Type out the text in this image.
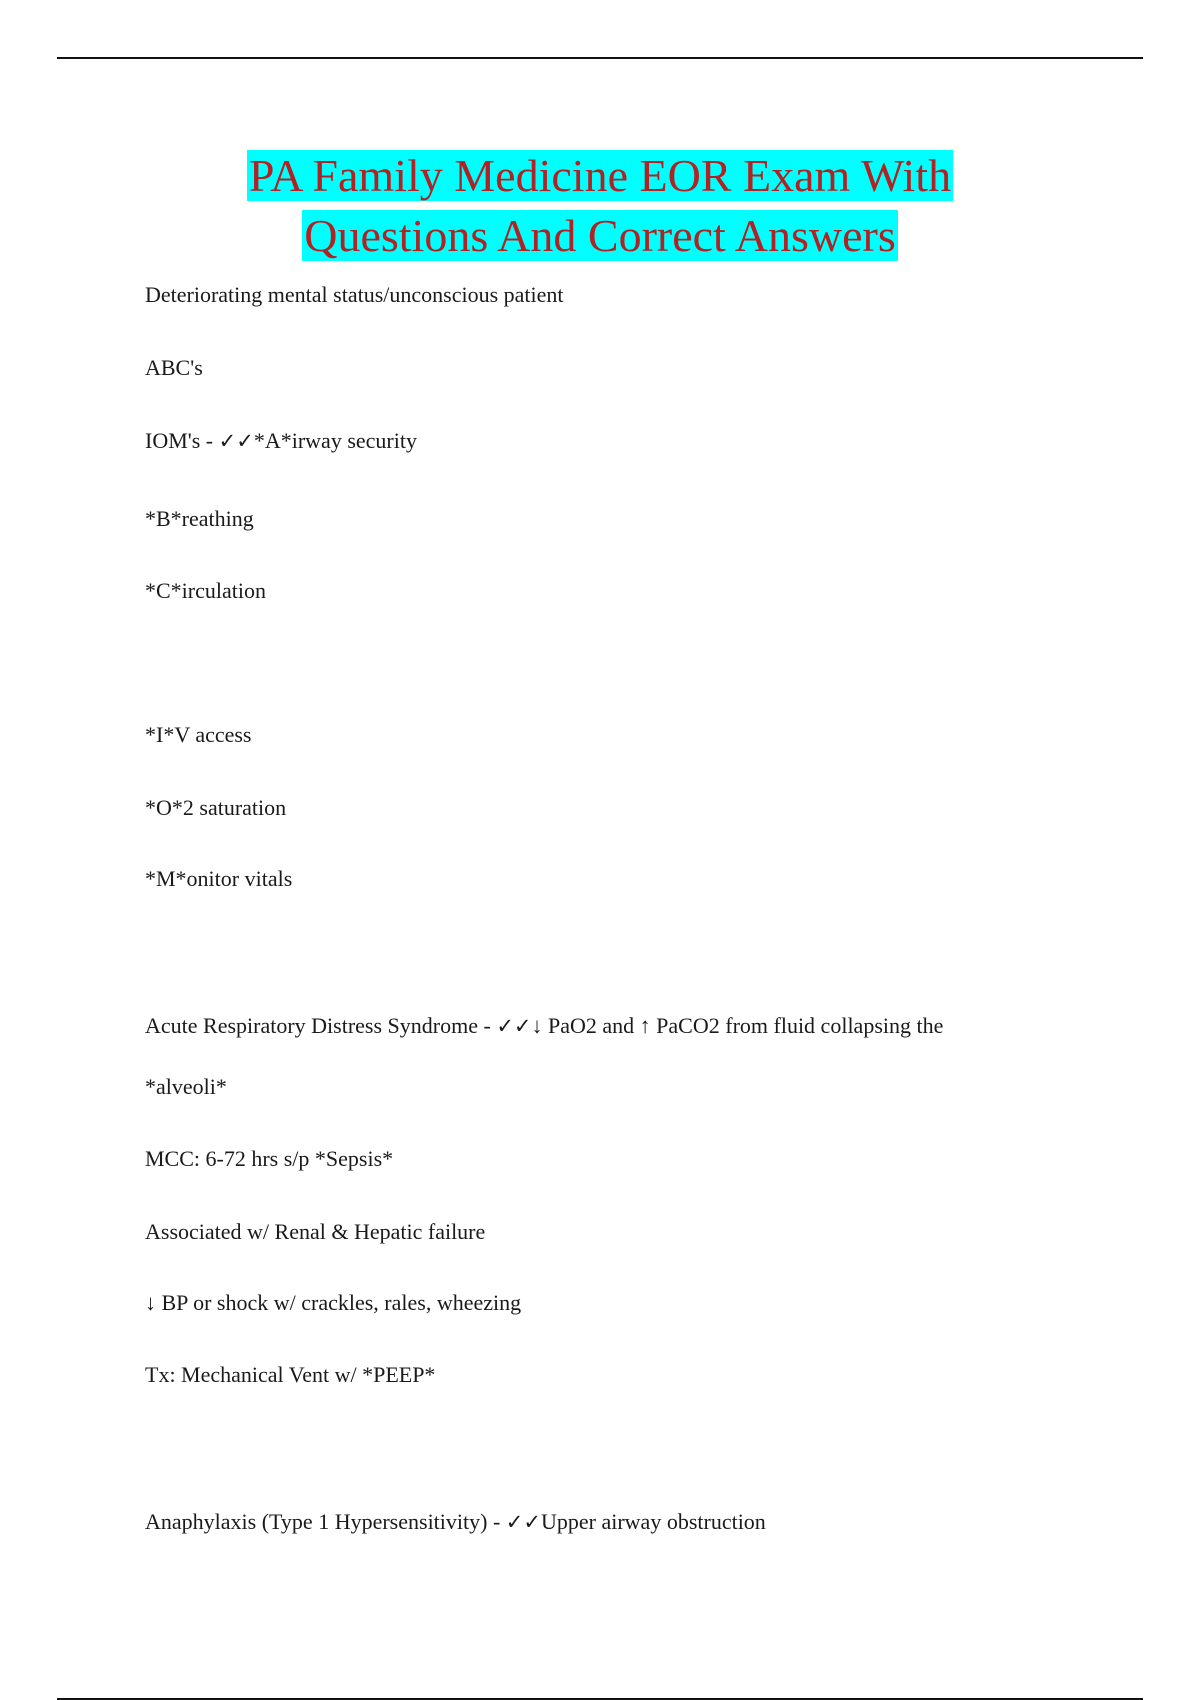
PA Family Medicine EOR Exam With
Questions And Correct Answers
Deteriorating mental status/unconscious patient
ABC's
IOM's - ✓✓*A*irway security
*B*reathing
*C*irculation
*I*V access
*O*2 saturation
*M*onitor vitals
Acute Respiratory Distress Syndrome - ✓✓↓ PaO2 and ↑ PaCO2 from fluid collapsing the
*alveoli*
MCC: 6-72 hrs s/p *Sepsis*
Associated w/ Renal & Hepatic failure
↓ BP or shock w/ crackles, rales, wheezing
Tx: Mechanical Vent w/ *PEEP*
Anaphylaxis (Type 1 Hypersensitivity) - ✓✓Upper airway obstruction
